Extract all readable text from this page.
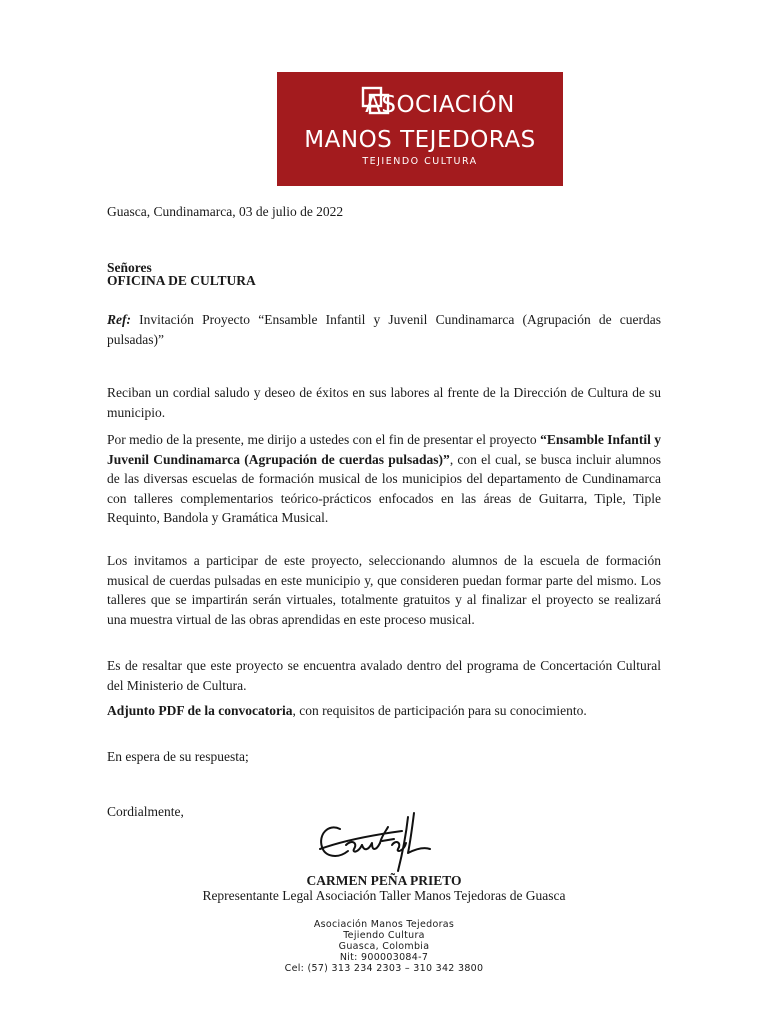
ASOCIACIÓN
MANOS TEJEDORAS
TEJIENDO CULTURA
Guasca, Cundinamarca, 03 de julio de 2022
Señores
OFICINA DE CULTURA
Ref: Invitación Proyecto “Ensamble Infantil y Juvenil Cundinamarca (Agrupación de cuerdas pulsadas)”
Reciban un cordial saludo y deseo de éxitos en sus labores al frente de la Dirección de Cultura de su municipio.
Por medio de la presente, me dirijo a ustedes con el fin de presentar el proyecto “Ensamble Infantil y Juvenil Cundinamarca (Agrupación de cuerdas pulsadas)”, con el cual, se busca incluir alumnos de las diversas escuelas de formación musical de los municipios del departamento de Cundinamarca con talleres complementarios teórico-prácticos enfocados en las áreas de Guitarra, Tiple, Tiple Requinto, Bandola y Gramática Musical.
Los invitamos a participar de este proyecto, seleccionando alumnos de la escuela de formación musical de cuerdas pulsadas en este municipio y, que consideren puedan formar parte del mismo. Los talleres que se impartirán serán virtuales, totalmente gratuitos y al finalizar el proyecto se realizará una muestra virtual de las obras aprendidas en este proceso musical.
Es de resaltar que este proyecto se encuentra avalado dentro del programa de Concertación Cultural del Ministerio de Cultura.
Adjunto PDF de la convocatoria, con requisitos de participación para su conocimiento.
En espera de su respuesta;
Cordialmente,
CARMEN PEÑA PRIETO
Representante Legal Asociación Taller Manos Tejedoras de Guasca
Asociación Manos Tejedoras
Tejiendo Cultura
Guasca, Colombia
Nit: 900003084-7
Cel: (57) 313 234 2303 – 310 342 3800
